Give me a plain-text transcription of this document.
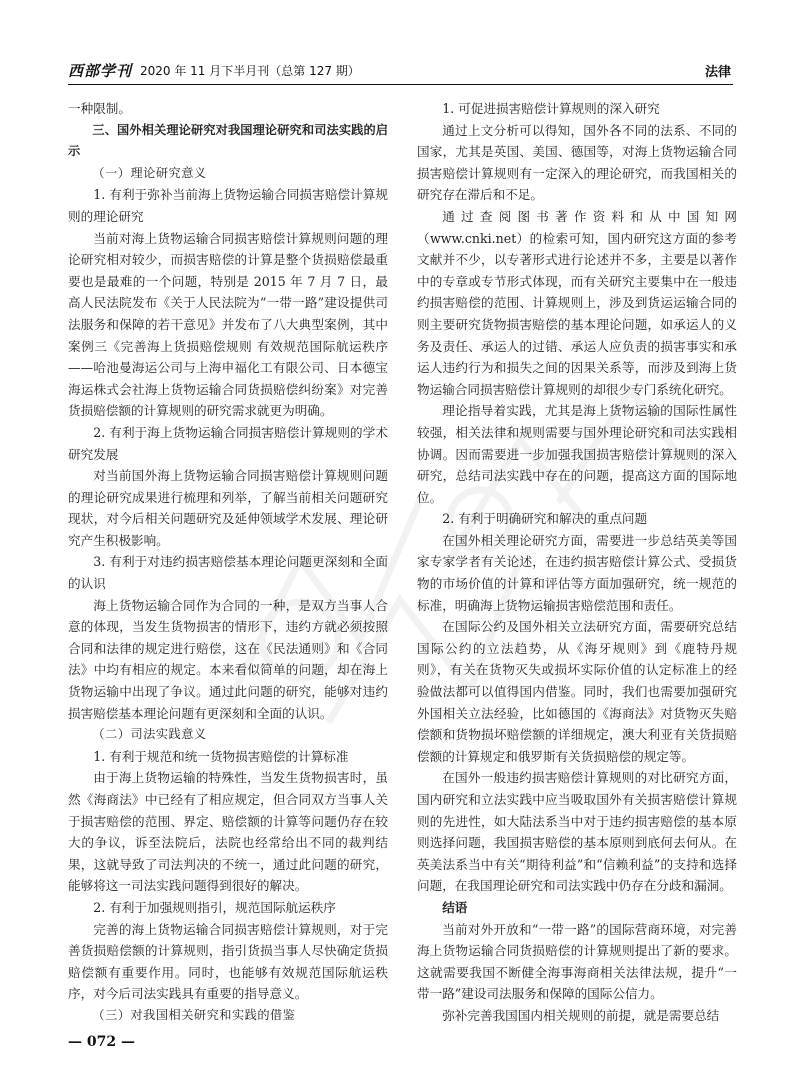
西部学刊 2020 年 11 月下半月刊（总第 127 期）	法律

一种限制。

三、国外相关理论研究对我国理论研究和司法实践的启示

（一）理论研究意义

1. 有利于弥补当前海上货物运输合同损害赔偿计算规则的理论研究

当前对海上货物运输合同损害赔偿计算规则问题的理论研究相对较少，而损害赔偿的计算是整个货损赔偿最重要也是最难的一个问题，特别是 2015 年 7 月 7 日，最高人民法院发布《关于人民法院为“一带一路”建设提供司法服务和保障的若干意见》并发布了八大典型案例，其中案例三《完善海上货损赔偿规则 有效规范国际航运秩序——哈池曼海运公司与上海申福化工有限公司、日本德宝海运株式会社海上货物运输合同货损赔偿纠纷案》对完善货损赔偿额的计算规则的研究需求就更为明确。

2. 有利于海上货物运输合同损害赔偿计算规则的学术研究发展

对当前国外海上货物运输合同损害赔偿计算规则问题的理论研究成果进行梳理和列举，了解当前相关问题研究现状，对今后相关问题研究及延伸领域学术发展、理论研究产生积极影响。

3. 有利于对违约损害赔偿基本理论问题更深刻和全面的认识

海上货物运输合同作为合同的一种，是双方当事人合意的体现，当发生货物损害的情形下，违约方就必须按照合同和法律的规定进行赔偿，这在《民法通则》和《合同法》中均有相应的规定。本来看似简单的问题，却在海上货物运输中出现了争议。通过此问题的研究，能够对违约损害赔偿基本理论问题有更深刻和全面的认识。

（二）司法实践意义

1. 有利于规范和统一货物损害赔偿的计算标准

由于海上货物运输的特殊性，当发生货物损害时，虽然《海商法》中已经有了相应规定，但合同双方当事人关于损害赔偿的范围、界定、赔偿额的计算等问题仍存在较大的争议，诉至法院后，法院也经常给出不同的裁判结果，这就导致了司法判决的不统一，通过此问题的研究，能够将这一司法实践问题得到很好的解决。

2. 有利于加强规则指引，规范国际航运秩序

完善的海上货物运输合同损害赔偿计算规则，对于完善货损赔偿额的计算规则，指引货损当事人尽快确定货损赔偿额有重要作用。同时，也能够有效规范国际航运秩序，对今后司法实践具有重要的指导意义。

（三）对我国相关研究和实践的借鉴

1. 可促进损害赔偿计算规则的深入研究

通过上文分析可以得知，国外各不同的法系、不同的国家，尤其是英国、美国、德国等，对海上货物运输合同损害赔偿计算规则有一定深入的理论研究，而我国相关的研究存在滞后和不足。

通过查阅图书著作资料和从中国知网（www.cnki.net）的检索可知，国内研究这方面的参考文献并不少，以专著形式进行论述并不多，主要是以著作中的专章或专节形式体现，而有关研究主要集中在一般违约损害赔偿的范围、计算规则上，涉及到货运运输合同的则主要研究货物损害赔偿的基本理论问题，如承运人的义务及责任、承运人的过错、承运人应负责的损害事实和承运人违约行为和损失之间的因果关系等，而涉及到海上货物运输合同损害赔偿计算规则的却很少专门系统化研究。

理论指导着实践，尤其是海上货物运输的国际性属性较强，相关法律和规则需要与国外理论研究和司法实践相协调。因而需要进一步加强我国损害赔偿计算规则的深入研究，总结司法实践中存在的问题，提高这方面的国际地位。

2. 有利于明确研究和解决的重点问题

在国外相关理论研究方面，需要进一步总结英美等国家专家学者有关论述，在违约损害赔偿计算公式、受损货物的市场价值的计算和评估等方面加强研究，统一规范的标准，明确海上货物运输损害赔偿范围和责任。

在国际公约及国外相关立法研究方面，需要研究总结国际公约的立法趋势，从《海牙规则》到《鹿特丹规则》，有关在货物灭失或损坏实际价值的认定标准上的经验做法都可以值得国内借鉴。同时，我们也需要加强研究外国相关立法经验，比如德国的《海商法》对货物灭失赔偿额和货物损坏赔偿额的详细规定，澳大利亚有关货损赔偿额的计算规定和俄罗斯有关货损赔偿的规定等。

在国外一般违约损害赔偿计算规则的对比研究方面，国内研究和立法实践中应当吸取国外有关损害赔偿计算规则的先进性，如大陆法系当中对于违约损害赔偿的基本原则选择问题，我国损害赔偿的基本原则到底何去何从。在英美法系当中有关“期待利益”和“信赖利益”的支持和选择问题，在我国理论研究和司法实践中仍存在分歧和漏洞。

结语

当前对外开放和“一带一路”的国际营商环境，对完善海上货物运输合同货损赔偿的计算规则提出了新的要求。这就需要我国不断健全海事海商相关法律法规，提升“一带一路”建设司法服务和保障的国际公信力。

弥补完善我国国内相关规则的前提，就是需要总结

— 072 —
